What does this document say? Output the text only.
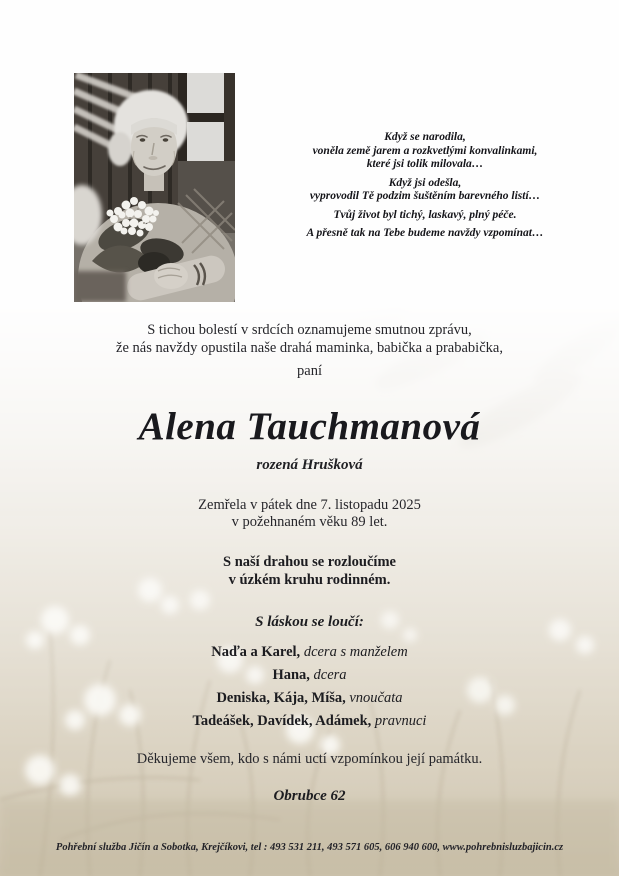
Když se narodila,
voněla země jarem a rozkvetlými konvalinkami,
které jsi tolik milovala…

Když jsi odešla,
vyprovodil Tě podzim šuštěním barevného listí…

Tvůj život byl tichý, laskavý, plný péče.

A přesně tak na Tebe budeme navždy vzpomínat…

S tichou bolestí v srdcích oznamujeme smutnou zprávu,

že nás navždy opustila naše drahá maminka, babička a prababička,

paní

Alena Tauchmanová
rozená Hrušková

Zemřela v pátek dne 7. listopadu 2025

v požehnaném věku 89 let.

S naší drahou se rozloučíme

v úzkém kruhu rodinném.

S láskou se loučí:

Naďa a Karel, dcera s manželem

Hana, dcera

Deniska, Kája, Míša, vnoučata

Tadeášek, Davídek, Adámek, pravnuci

Děkujeme všem, kdo s námi uctí vzpomínkou její památku.
Obrubce 62
Pohřební služba Jičín a Sobotka, Krejčíkovi, tel : 493 531 211, 493 571 605, 606 940 600, www.pohrebnisluzbajicin.cz
